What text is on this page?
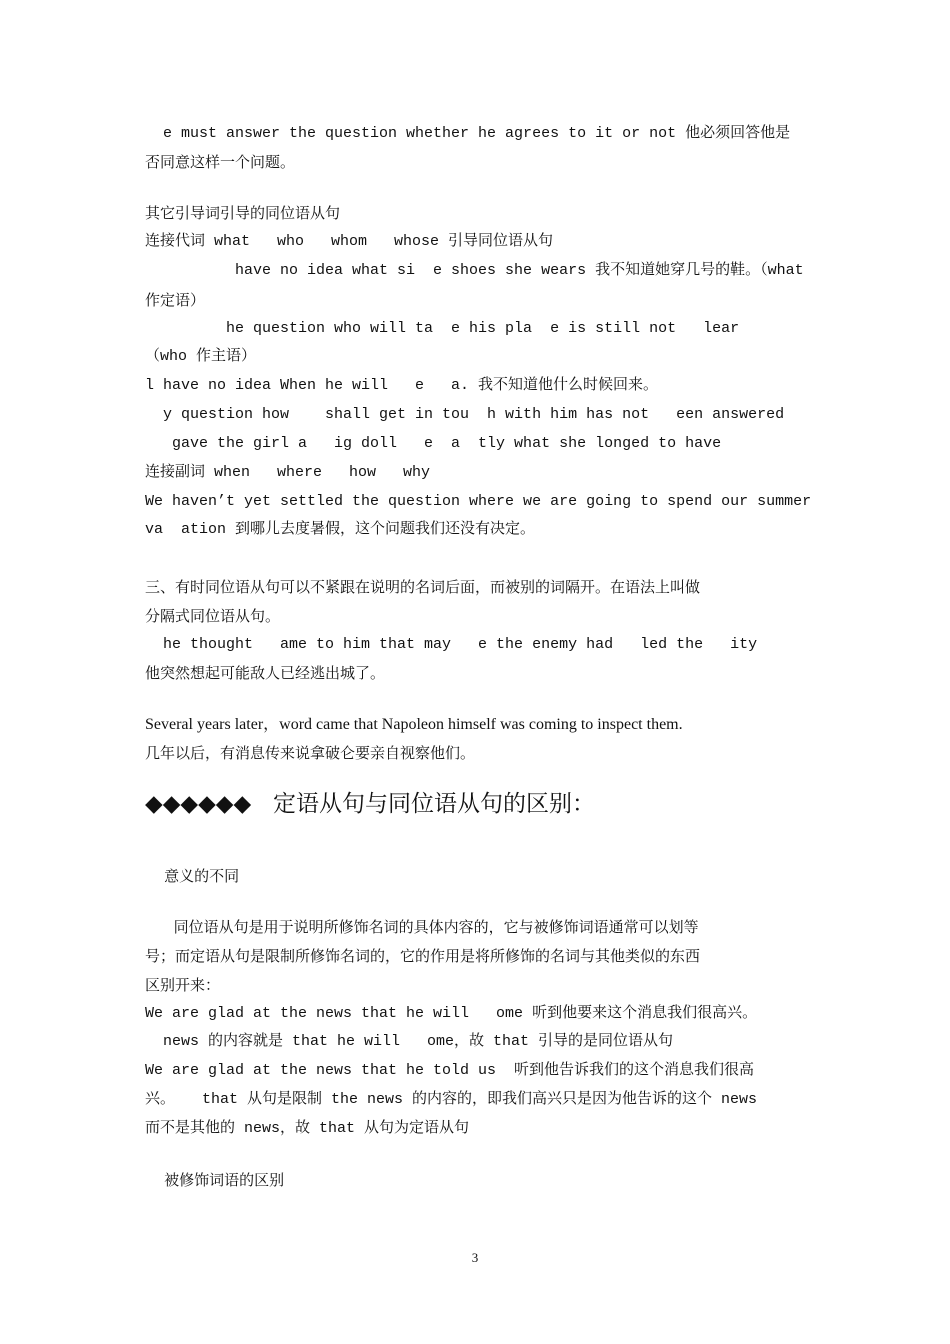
e must answer the question whether he agrees to it or not 他必须回答他是
否同意这样一个问题。
其它引导词引导的同位语从句
连接代词 what   who   whom   whose 引导同位语从句
have no idea what si  e shoes she wears 我不知道她穿几号的鞋。（what
作定语）
he question who will ta  e his pla  e is still not   lear
（who 作主语）
l have no idea When he will   e   a. 我不知道他什么时候回来。
y question how    shall get in tou  h with him has not   een answered
gave the girl a   ig doll   e  a  tly what she longed to have
连接副词 when   where   how   why
We haven’t yet settled the question where we are going to spend our summer
va  ation 到哪儿去度暑假，这个问题我们还没有决定。
三、有时同位语从句可以不紧跟在说明的名词后面，而被别的词隔开。在语法上叫做
分隔式同位语从句。
he thought   ame to him that may   e the enemy had   led the   ity
他突然想起可能敌人已经逃出城了。
Several years later，word came that Napoleon himself was coming to inspect them.
几年以后，有消息传来说拿破仑要亲自视察他们。
◆◆◆◆◆◆   定语从句与同位语从句的区别：
意义的不同
同位语从句是用于说明所修饰名词的具体内容的，它与被修饰词语通常可以划等
号；而定语从句是限制所修饰名词的，它的作用是将所修饰的名词与其他类似的东西
区别开来：
We are glad at the news that he will   ome 听到他要来这个消息我们很高兴。
news 的内容就是 that he will   ome，故 that 引导的是同位语从句
We are glad at the news that he told us  听到他告诉我们的这个消息我们很高
兴。   that 从句是限制 the news 的内容的，即我们高兴只是因为他告诉的这个 news
而不是其他的 news，故 that 从句为定语从句
被修饰词语的区别
3
